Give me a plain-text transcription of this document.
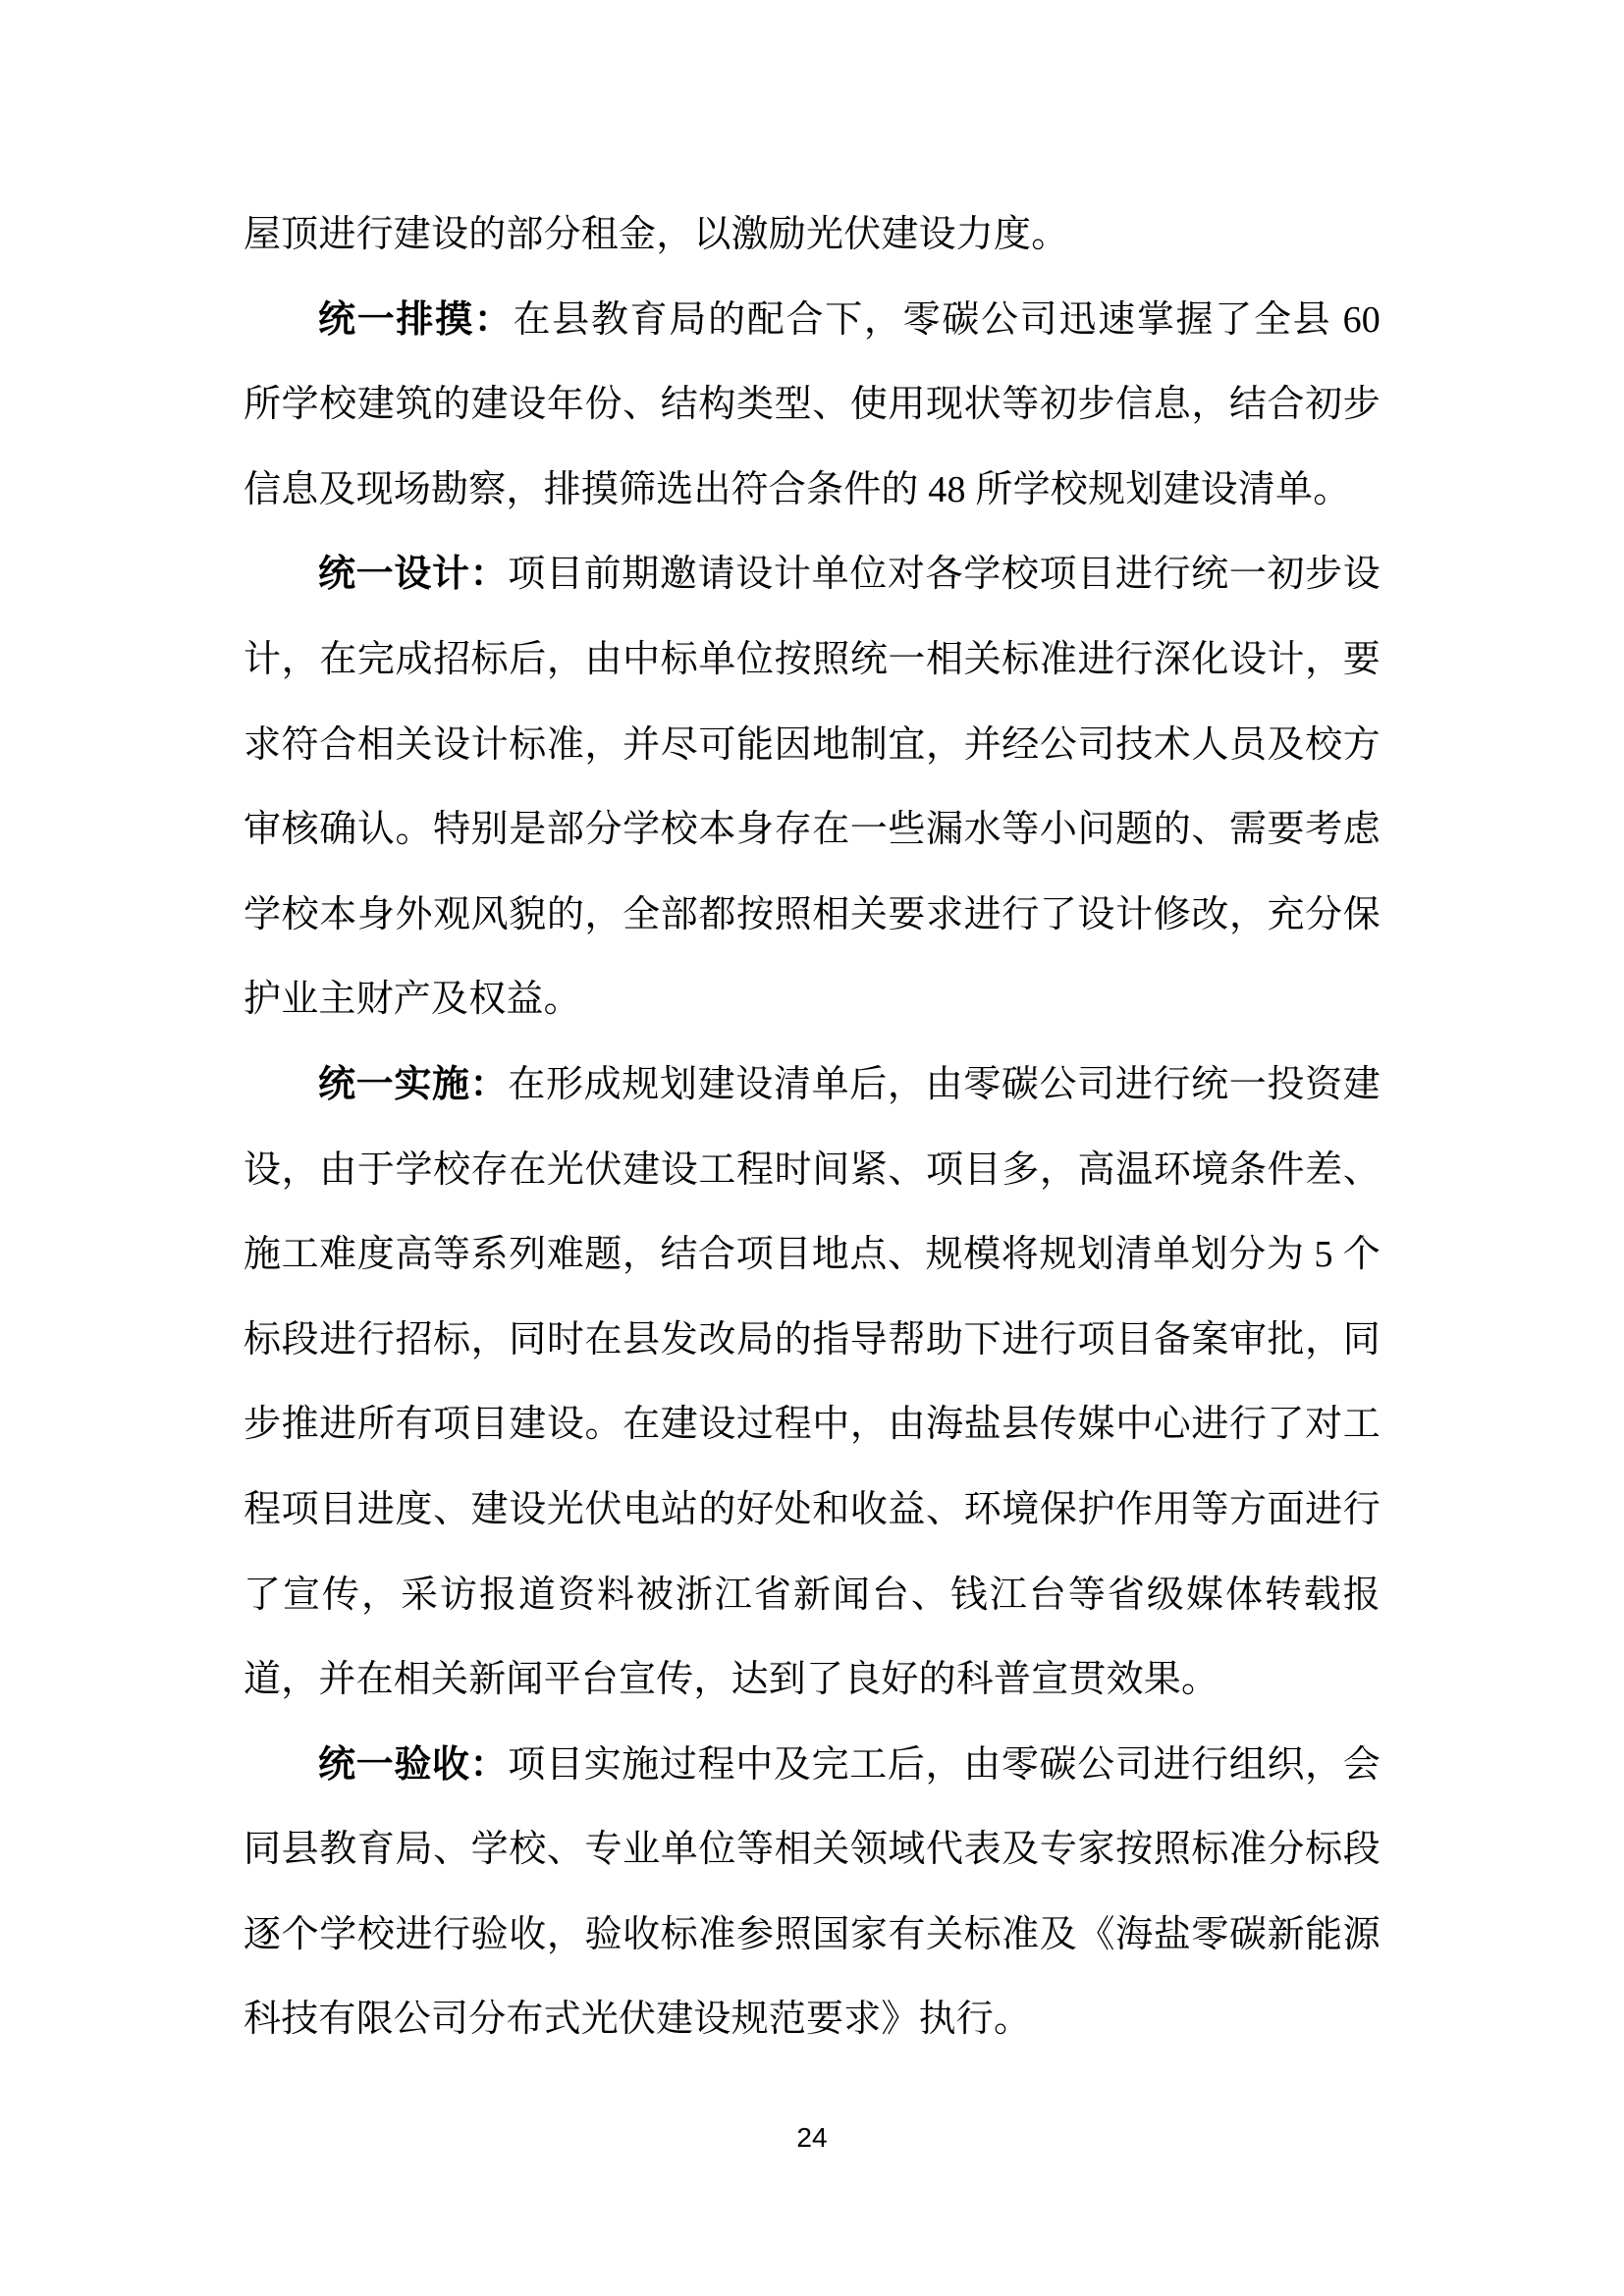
屋顶进行建设的部分租金，以激励光伏建设力度。

统一排摸：在县教育局的配合下，零碳公司迅速掌握了全县 60 所学校建筑的建设年份、结构类型、使用现状等初步信息，结合初步信息及现场勘察，排摸筛选出符合条件的 48 所学校规划建设清单。

统一设计：项目前期邀请设计单位对各学校项目进行统一初步设计，在完成招标后，由中标单位按照统一相关标准进行深化设计，要求符合相关设计标准，并尽可能因地制宜，并经公司技术人员及校方审核确认。特别是部分学校本身存在一些漏水等小问题的、需要考虑学校本身外观风貌的，全部都按照相关要求进行了设计修改，充分保护业主财产及权益。

统一实施：在形成规划建设清单后，由零碳公司进行统一投资建设，由于学校存在光伏建设工程时间紧、项目多，高温环境条件差、施工难度高等系列难题，结合项目地点、规模将规划清单划分为 5 个标段进行招标，同时在县发改局的指导帮助下进行项目备案审批，同步推进所有项目建设。在建设过程中，由海盐县传媒中心进行了对工程项目进度、建设光伏电站的好处和收益、环境保护作用等方面进行了宣传，采访报道资料被浙江省新闻台、钱江台等省级媒体转载报道，并在相关新闻平台宣传，达到了良好的科普宣贯效果。

统一验收：项目实施过程中及完工后，由零碳公司进行组织，会同县教育局、学校、专业单位等相关领域代表及专家按照标准分标段逐个学校进行验收，验收标准参照国家有关标准及《海盐零碳新能源科技有限公司分布式光伏建设规范要求》执行。

24
